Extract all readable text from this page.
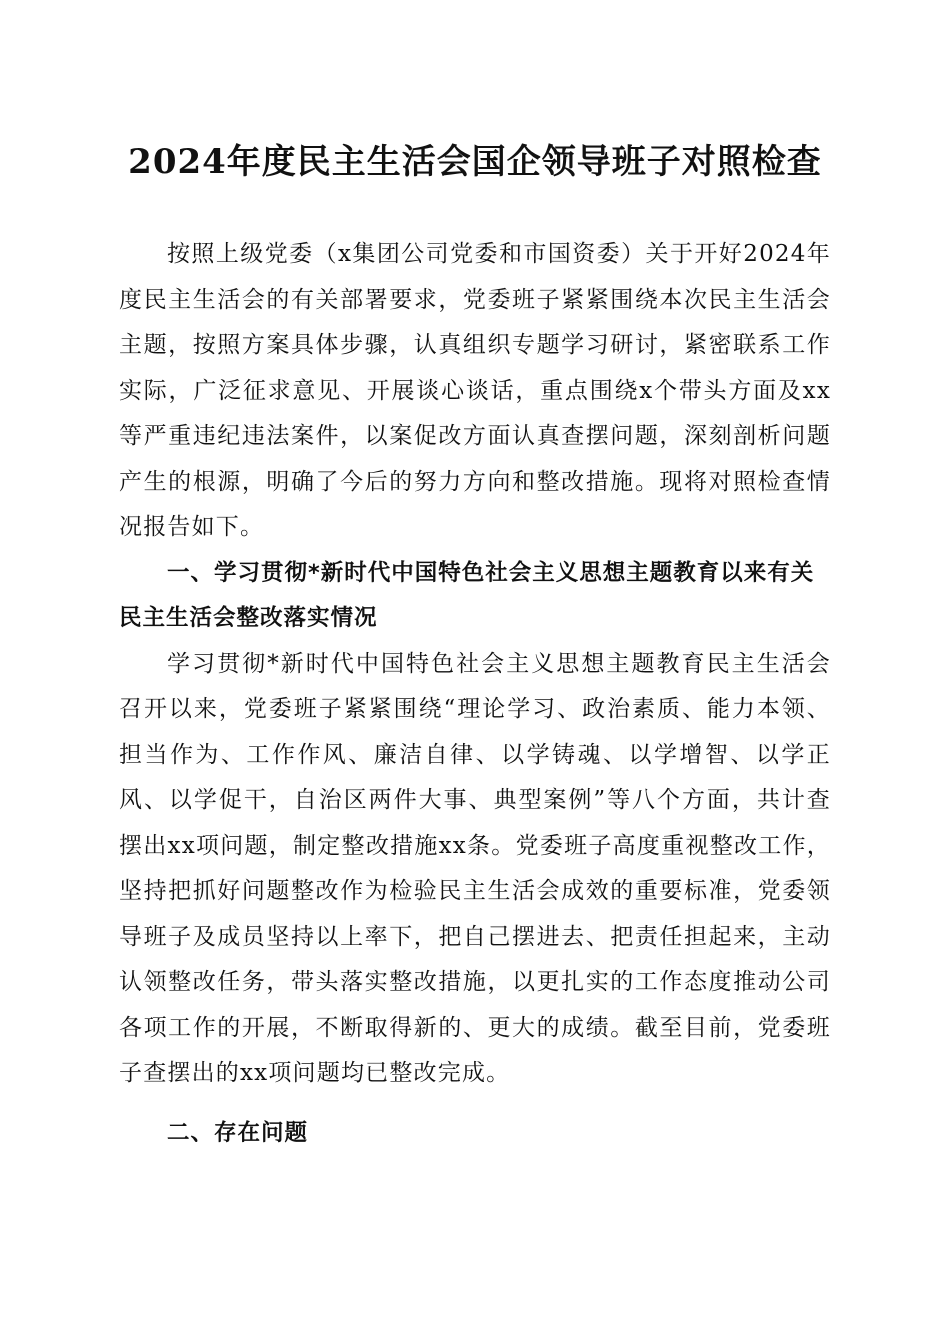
2024年度民主生活会国企领导班子对照检查

按照上级党委（x集团公司党委和市国资委）关于开好2024年度民主生活会的有关部署要求，党委班子紧紧围绕本次民主生活会主题，按照方案具体步骤，认真组织专题学习研讨，紧密联系工作实际，广泛征求意见、开展谈心谈话，重点围绕x个带头方面及xx等严重违纪违法案件，以案促改方面认真查摆问题，深刻剖析问题产生的根源，明确了今后的努力方向和整改措施。现将对照检查情况报告如下。

一、学习贯彻*新时代中国特色社会主义思想主题教育以来有关民主生活会整改落实情况

学习贯彻*新时代中国特色社会主义思想主题教育民主生活会召开以来，党委班子紧紧围绕“理论学习、政治素质、能力本领、担当作为、工作作风、廉洁自律、以学铸魂、以学增智、以学正风、以学促干，自治区两件大事、典型案例”等八个方面，共计查摆出xx项问题，制定整改措施xx条。党委班子高度重视整改工作，坚持把抓好问题整改作为检验民主生活会成效的重要标准，党委领导班子及成员坚持以上率下，把自己摆进去、把责任担起来，主动认领整改任务，带头落实整改措施，以更扎实的工作态度推动公司各项工作的开展，不断取得新的、更大的成绩。截至目前，党委班子查摆出的xx项问题均已整改完成。

二、存在问题
